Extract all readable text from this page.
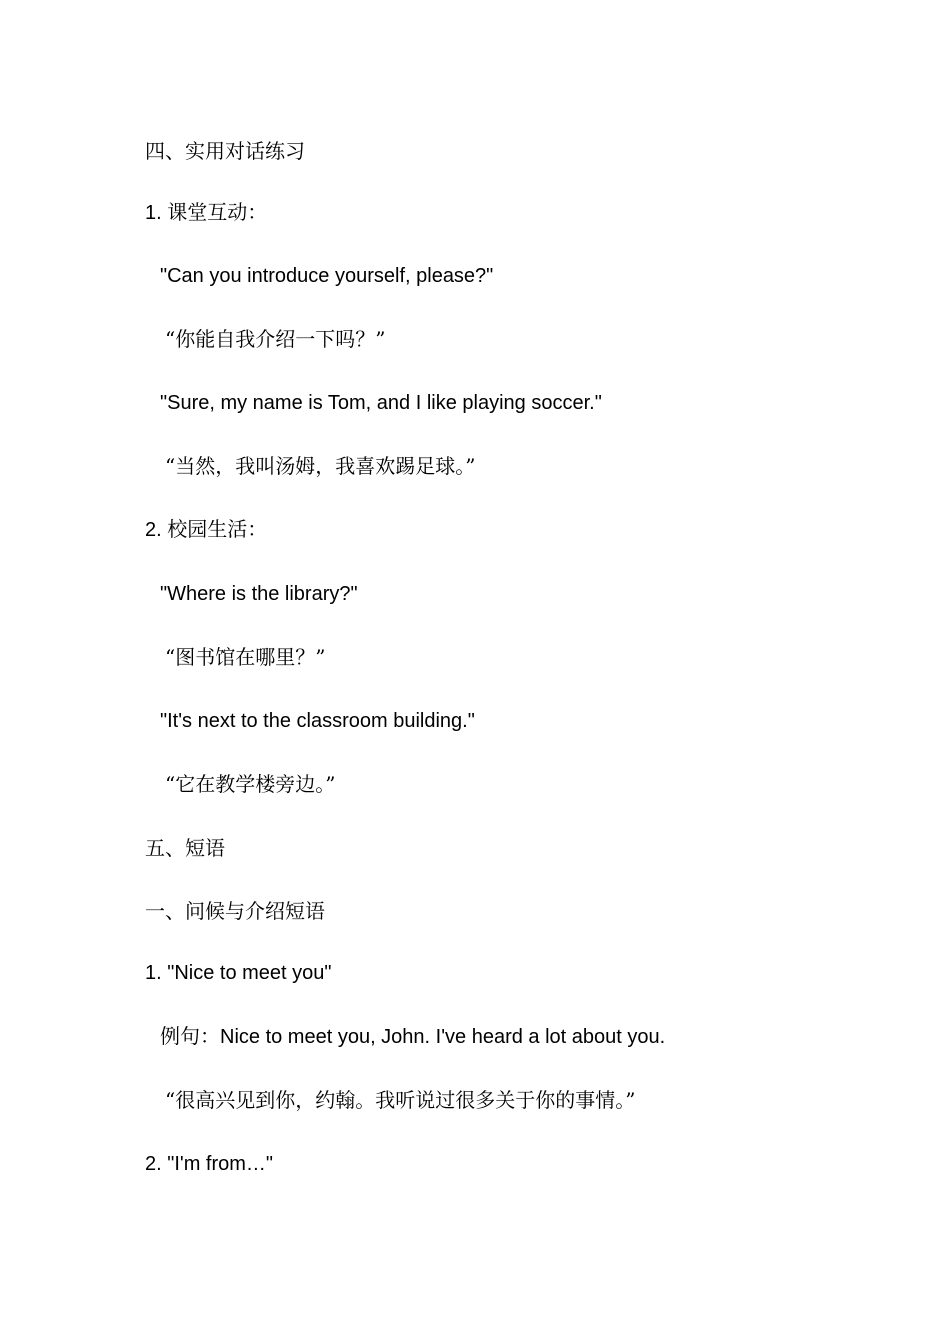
四、实用对话练习
1. 课堂互动：
"Can you introduce yourself, please?"
“你能自我介绍一下吗？”
"Sure, my name is Tom, and I like playing soccer."
“当然，我叫汤姆，我喜欢踢足球。”
2. 校园生活：
"Where is the library?"
“图书馆在哪里？”
"It's next to the classroom building."
“它在教学楼旁边。”
五、短语
一、问候与介绍短语
1. "Nice to meet you"
例句：Nice to meet you, John. I've heard a lot about you.
“很高兴见到你，约翰。我听说过很多关于你的事情。”
2. "I'm from…"
